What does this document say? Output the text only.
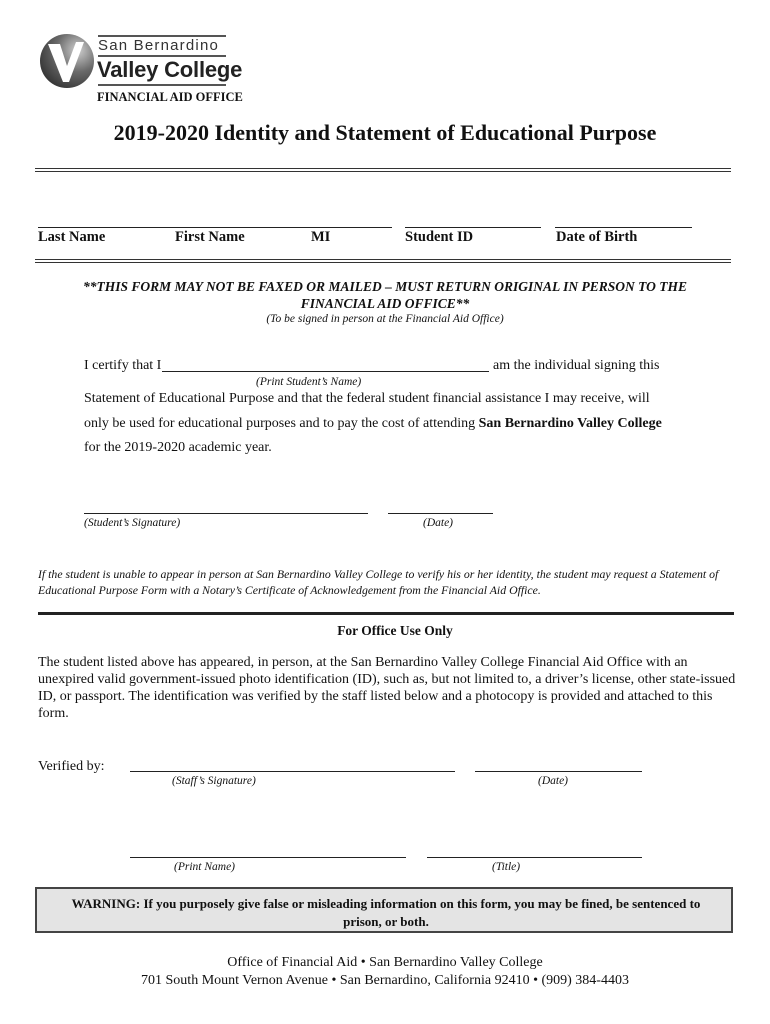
San Bernardino
Valley College
FINANCIAL AID OFFICE
2019-2020 Identity and Statement of Educational Purpose
Last Name	First Name	MI	Student ID	Date of Birth
**THIS FORM MAY NOT BE FAXED OR MAILED – MUST RETURN ORIGINAL IN PERSON TO THE
FINANCIAL AID OFFICE**
(To be signed in person at the Financial Aid Office)
I certify that I	am the individual signing this
(Print Student’s Name)
Statement of Educational Purpose and that the federal student financial assistance I may receive, will
only be used for educational purposes and to pay the cost of attending San Bernardino Valley College
for the 2019-2020 academic year.
(Student’s Signature)	(Date)
If the student is unable to appear in person at San Bernardino Valley College to verify his or her identity, the student may request a Statement of Educational Purpose Form with a Notary’s Certificate of Acknowledgement from the Financial Aid Office.
For Office Use Only
The student listed above has appeared, in person, at the San Bernardino Valley College Financial Aid Office with an unexpired valid government-issued photo identification (ID), such as, but not limited to, a driver’s license, other state-issued ID, or passport. The identification was verified by the staff listed below and a photocopy is provided and attached to this form.
Verified by:
(Staff’s Signature)	(Date)
(Print Name)	(Title)
WARNING: If you purposely give false or misleading information on this form, you may be fined, be sentenced to
prison, or both.
Office of Financial Aid • San Bernardino Valley College
701 South Mount Vernon Avenue • San Bernardino, California 92410 • (909) 384-4403
